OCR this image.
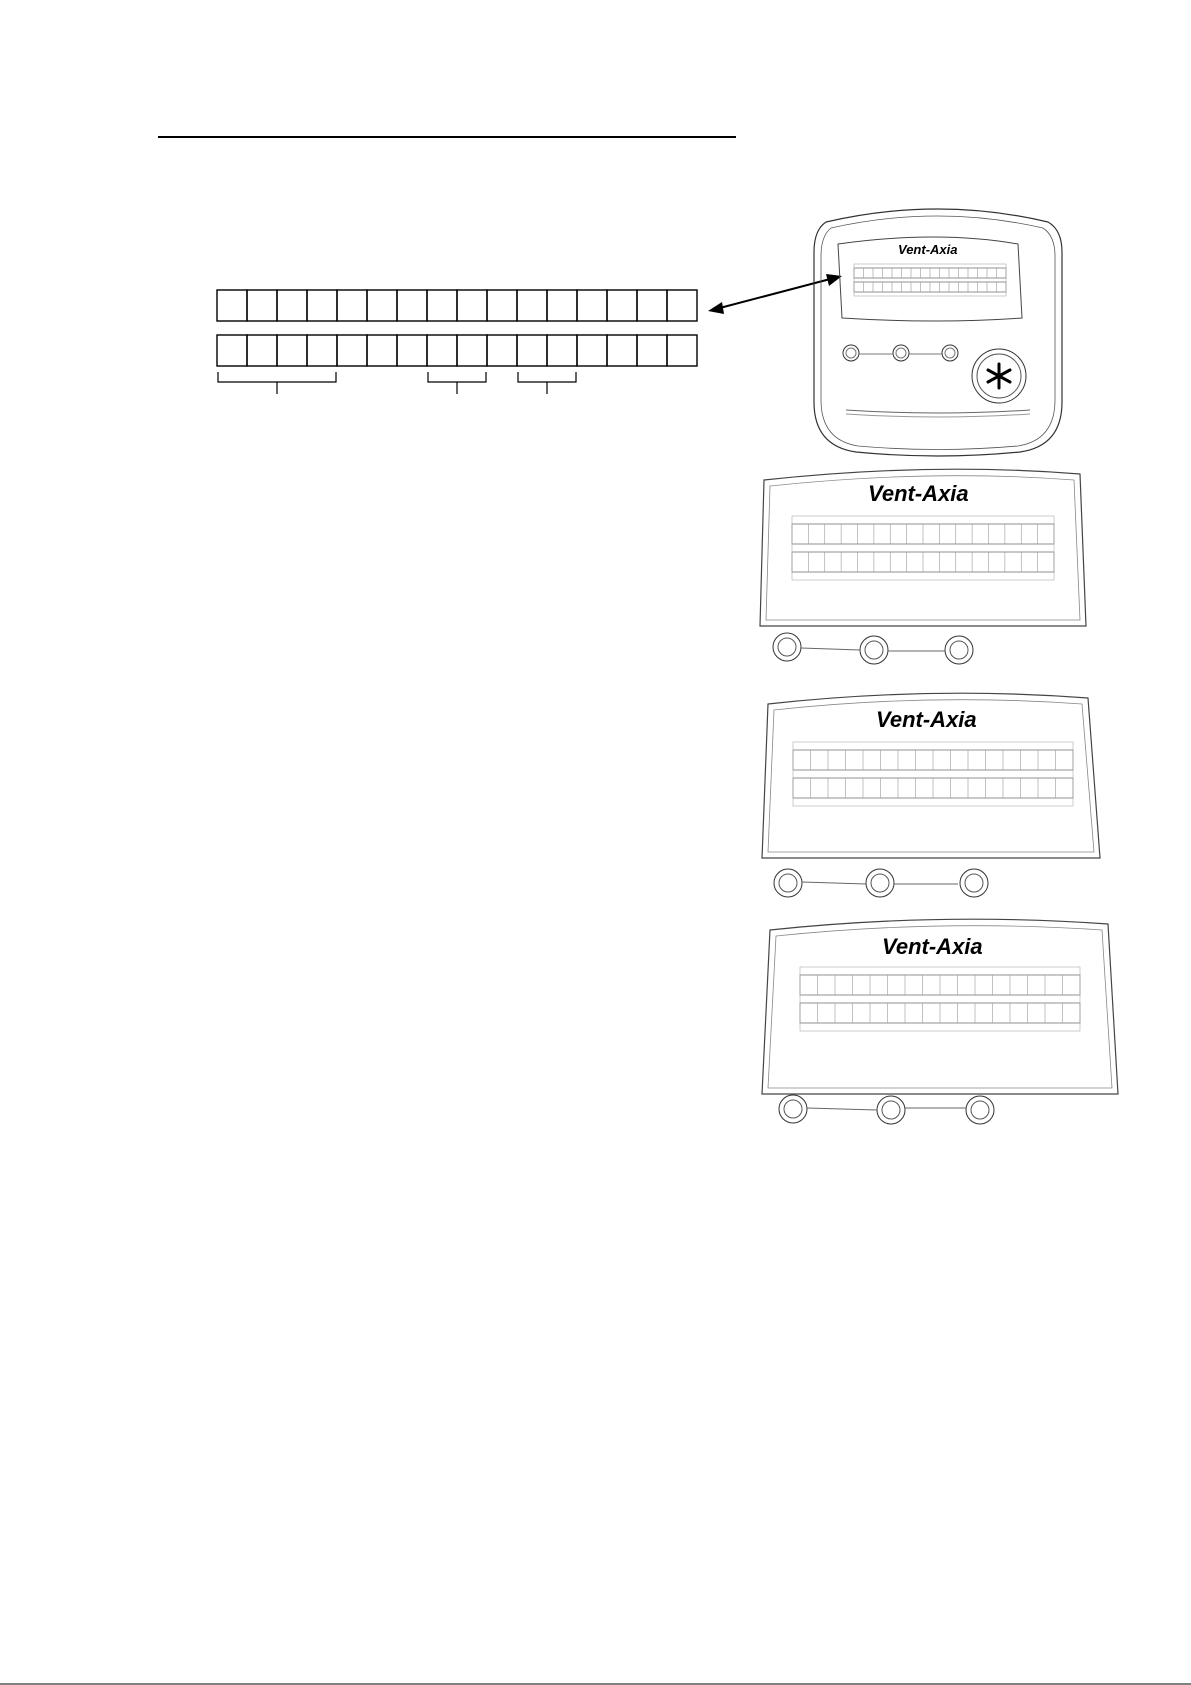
Vent-Axia
Vent-Axia
Vent-Axia
Vent-Axia
